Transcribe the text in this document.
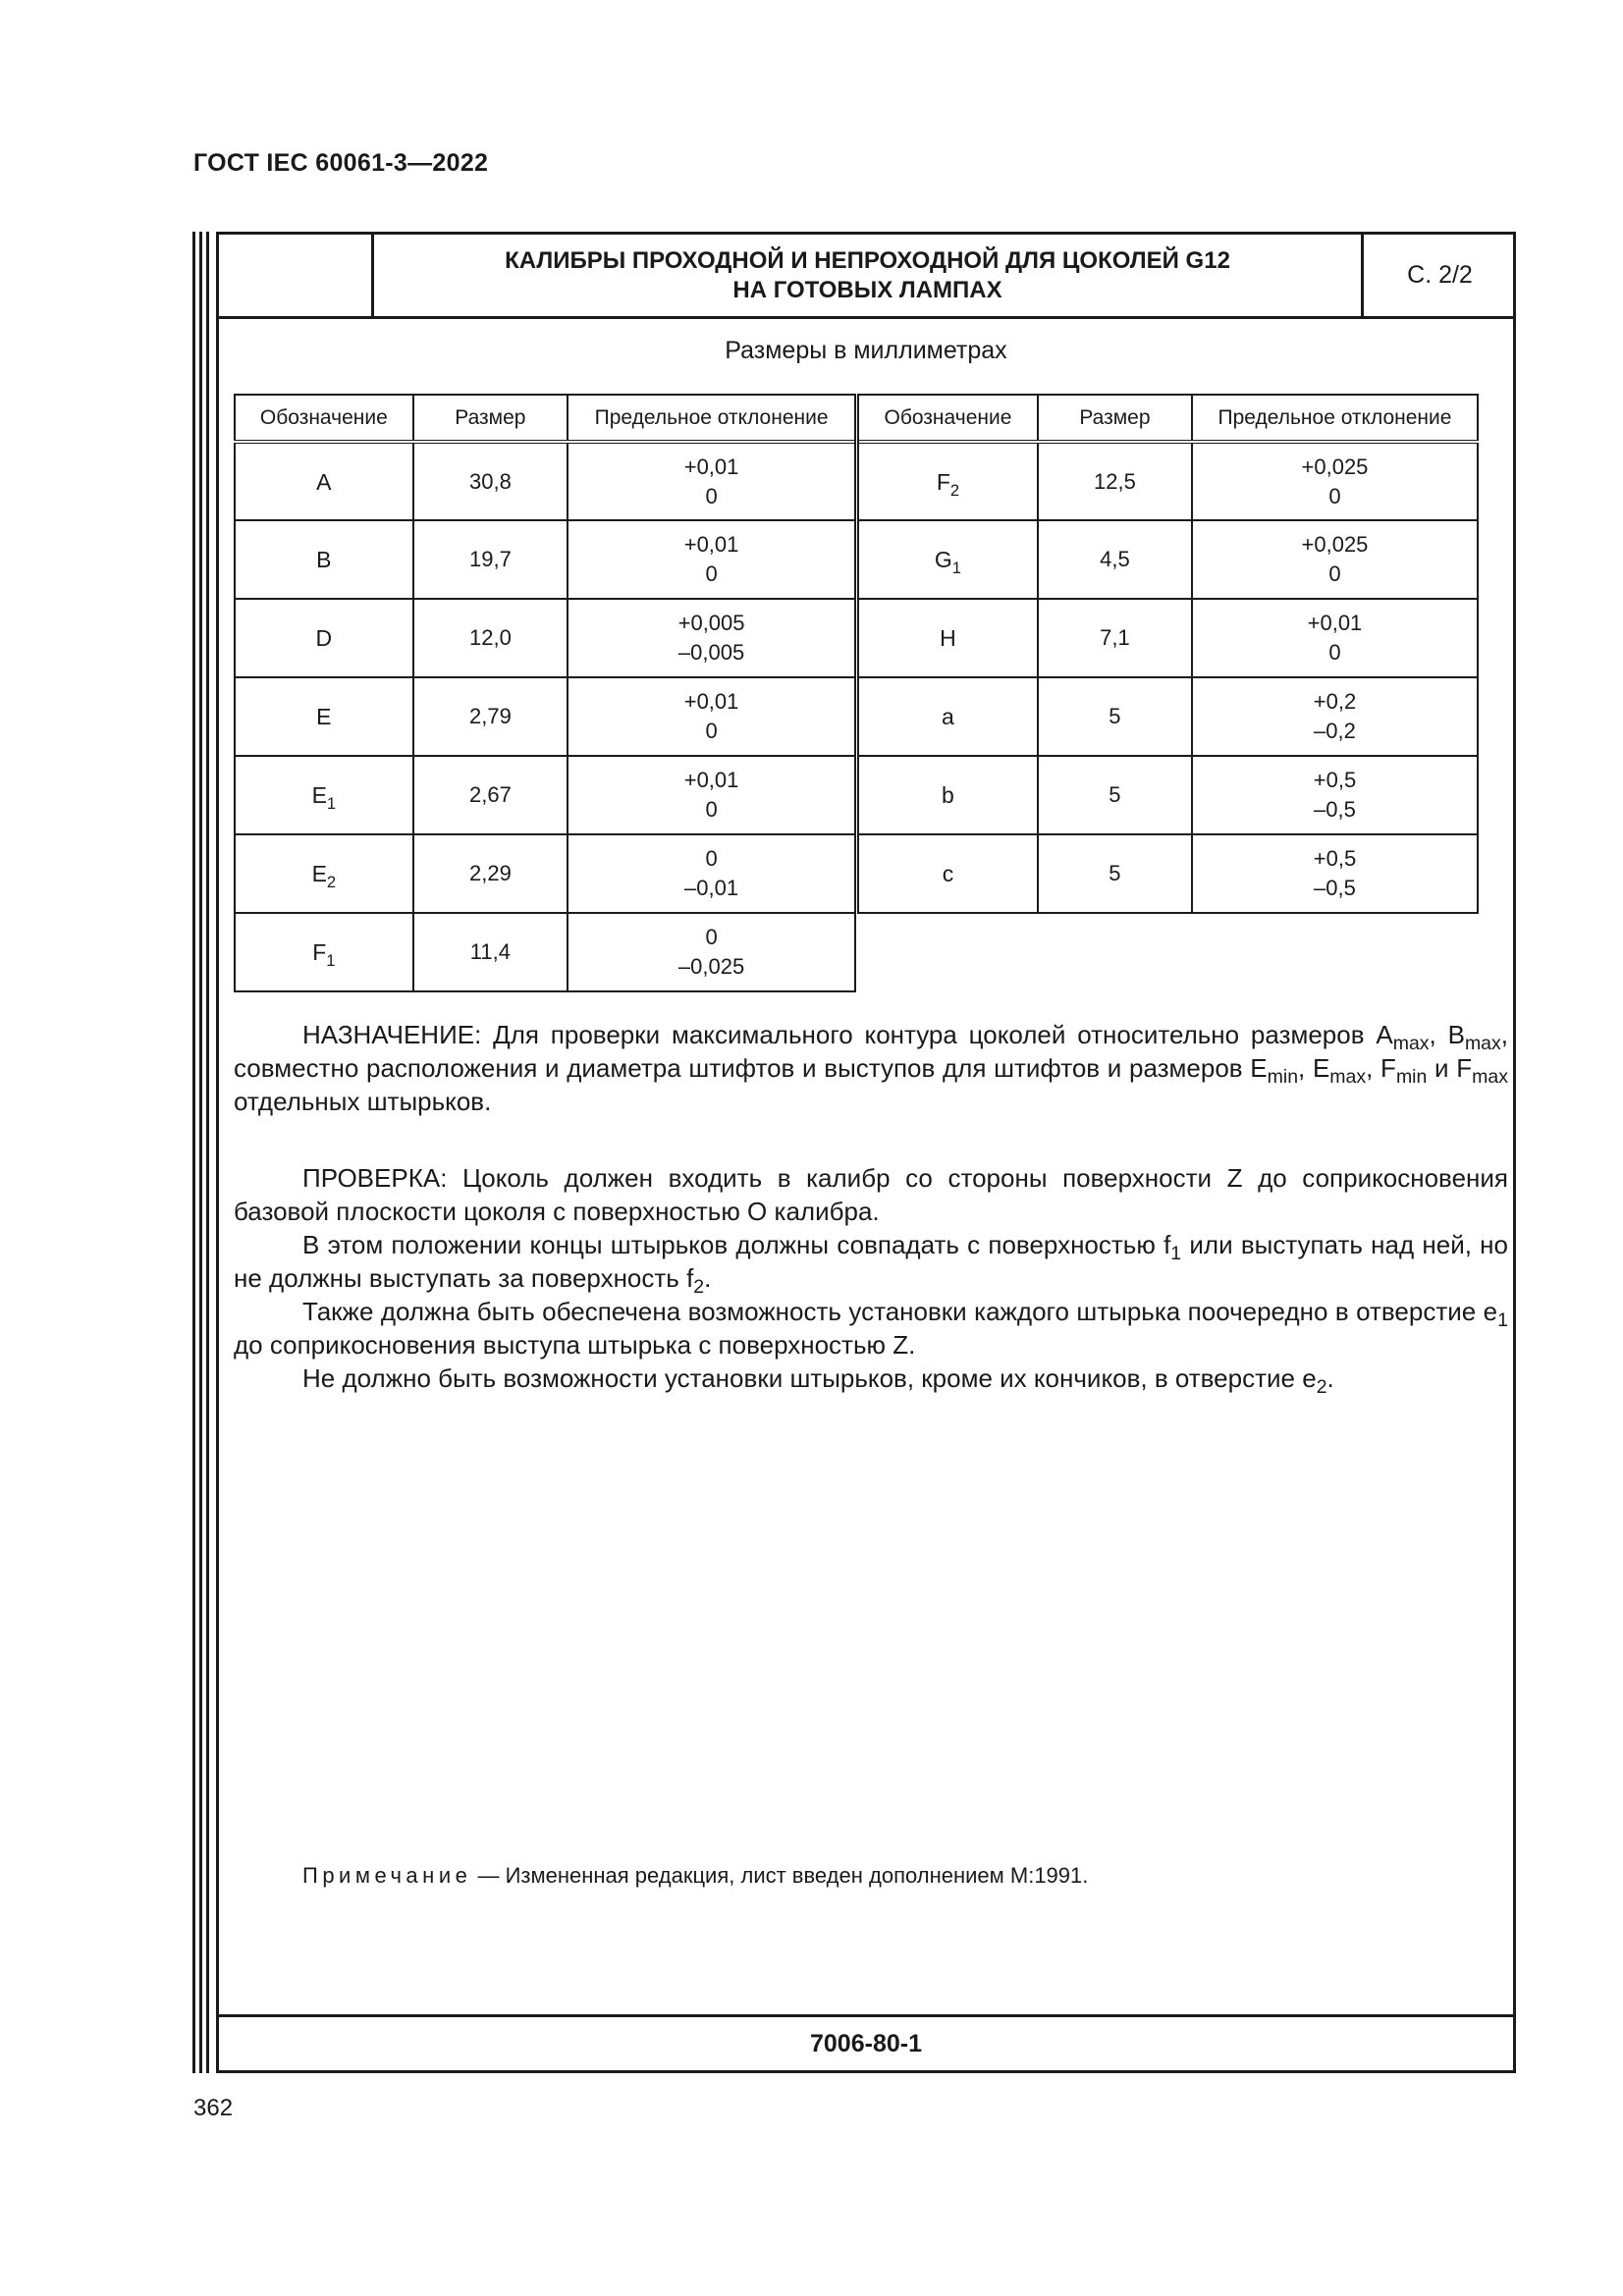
ГОСТ IEC 60061-3—2022
КАЛИБРЫ ПРОХОДНОЙ И НЕПРОХОДНОЙ ДЛЯ ЦОКОЛЕЙ G12
НА ГОТОВЫХ ЛАМПАХ
С. 2/2
Размеры в миллиметрах
Обозначение	Размер	Предельное отклонение
A	30,8	+0,01
0

B	19,7	+0,01
0

D	12,0	+0,005
–0,005

E	2,79	+0,01
0

$E_1$	2,67	+0,01
0

$E_2$	2,29	0
–0,01

$F_1$	11,4	0
–0,025
Обозначение	Размер	Предельное отклонение
$F_2$	12,5	+0,025
0

$G_1$	4,5	+0,025
0

H	7,1	+0,01
0

a	5	+0,2
–0,2

b	5	+0,5
–0,5

c	5	+0,5
–0,5

НАЗНАЧЕНИЕ: Для проверки максимального контура цоколей относительно размеров $A_{max}$, $B_{max}$, совместно расположения и диаметра штифтов и выступов для штифтов и размеров $E_{min}$, $E_{max}$, $F_{min}$ и $F_{max}$ отдельных штырьков.

ПРОВЕРКА: Цоколь должен входить в калибр со стороны поверхности Z до соприкосновения базовой плоскости цоколя с поверхностью O калибра.

В этом положении концы штырьков должны совпадать с поверхностью $f_1$ или выступать над ней, но не должны выступать за поверхность $f_2$.

Также должна быть обеспечена возможность установки каждого штырька поочередно в отверстие $e_1$ до соприкосновения выступа штырька с поверхностью Z.

Не должно быть возможности установки штырьков, кроме их кончиков, в отверстие $e_2$.

Примечание — Измененная редакция, лист введен дополнением М:1991.
7006-80-1
362
